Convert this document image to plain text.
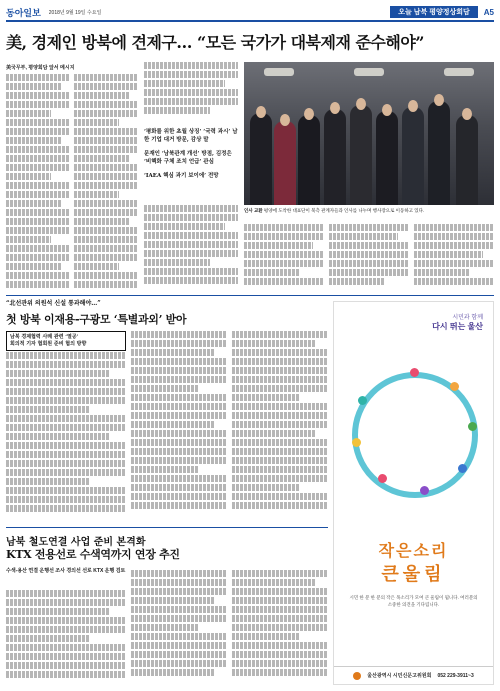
동아일보 2018년 9월 19일 수요일	오늘 남북 평양정상회담	A5
美, 경제인 방북에 견제구… “모든 국가가 대북제재 준수해야”
美국무부, 평양회담 앞서 메시지

‘평화를 위한 초월 상징’ ‘국력 과시’ 남한 기업 대거 방문, 감상 말

문재인 ‘남북관계 개선’ 방점, 김정은 ‘비핵화 구체 조치 언급’ 관심

‘IAEA 핵심 과기 보이에’ 전망

인사 교환 평양에 도착한 대표단이 북측 관계자들과 인사를 나누며 행사장으로 이동하고 있다.
“北선관위 의원석 신설 통과해야…”
첫 방북 이재용-구광모 ‘특별과외’ 받아

남북 경제협력 사례 관련 ‘열공’

회의적 기자 협회원 준비 협의 방향

남북 철도연결 사업 준비 본격화
KTX 전용선로 수색역까지 연장 추진
수색-용산 연결 운행선 조사 경의선 선로 KTX 운행 검토
시민과 함께
다시 뛰는 울산
작은소리
큰울림
시민 한 분 한 분의 작은 목소리가 모여 큰 울림이 됩니다. 여러분의 소중한 의견을 기다립니다.
울산광역시 시민신문고위원회 052 229-3911~3
